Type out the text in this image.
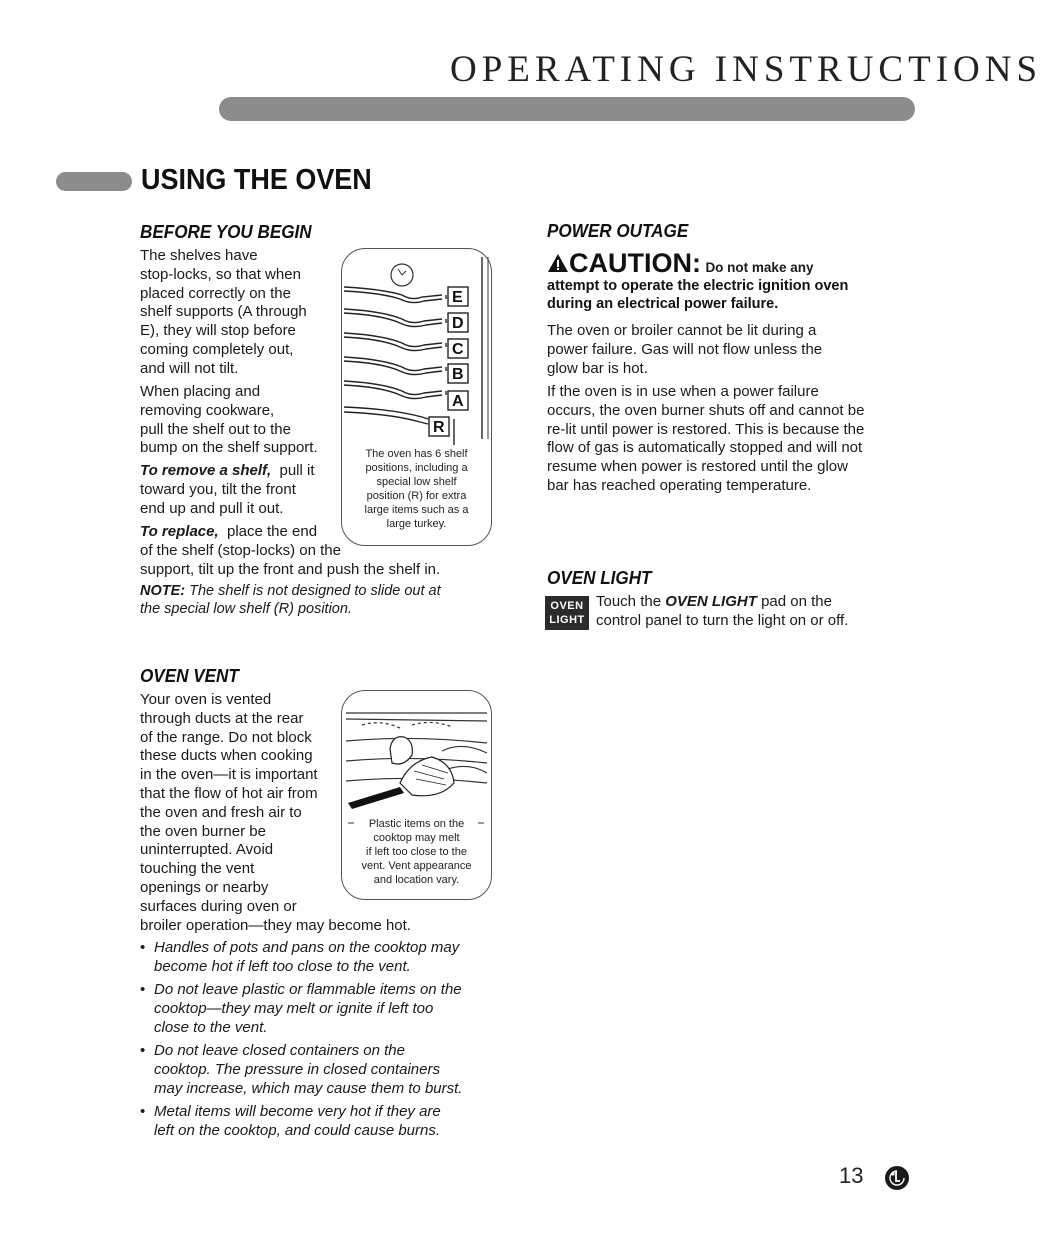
OPERATING INSTRUCTIONS
USING THE OVEN
BEFORE YOU BEGIN
The shelves have
stop-locks, so that when
placed correctly on the
shelf supports (A through
E), they will stop before
coming completely out,
and will not tilt.
When placing and
removing cookware,
pull the shelf out to the
bump on the shelf support.
To remove a shelf, pull it
toward you, tilt the front
end up and pull it out.
To replace, place the end
of the shelf (stop-locks) on the
support, tilt up the front and push the shelf in.
NOTE: The shelf is not designed to slide out at
the special low shelf (R) position.
E
D
C
B
A
R
The oven has 6 shelf
positions, including a
special low shelf
position (R) for extra
large items such as a
large turkey.
OVEN VENT
Your oven is vented
through ducts at the rear
of the range. Do not block
these ducts when cooking
in the oven—it is important
that the flow of hot air from
the oven and fresh air to
the oven burner be
uninterrupted. Avoid
touching the vent
openings or nearby
surfaces during oven or
broiler operation—they may become hot.
Plastic items on the
cooktop may melt
if left too close to the
vent. Vent appearance
and location vary.
• Handles of pots and pans on the cooktop may
become hot if left too close to the vent.
• Do not leave plastic or flammable items on the
cooktop—they may melt or ignite if left too
close to the vent.
• Do not leave closed containers on the
cooktop. The pressure in closed containers
may increase, which may cause them to burst.
• Metal items will become very hot if they are
left on the cooktop, and could cause burns.
POWER OUTAGE
CAUTION: Do not make any
attempt to operate the electric ignition oven
during an electrical power failure.
The oven or broiler cannot be lit during a
power failure. Gas will not flow unless the
glow bar is hot.
If the oven is in use when a power failure
occurs, the oven burner shuts off and cannot be
re-lit until power is restored. This is because the
flow of gas is automatically stopped and will not
resume when power is restored until the glow
bar has reached operating temperature.
OVEN LIGHT
OVEN
LIGHT
Touch the OVEN LIGHT pad on the
control panel to turn the light on or off.
13
